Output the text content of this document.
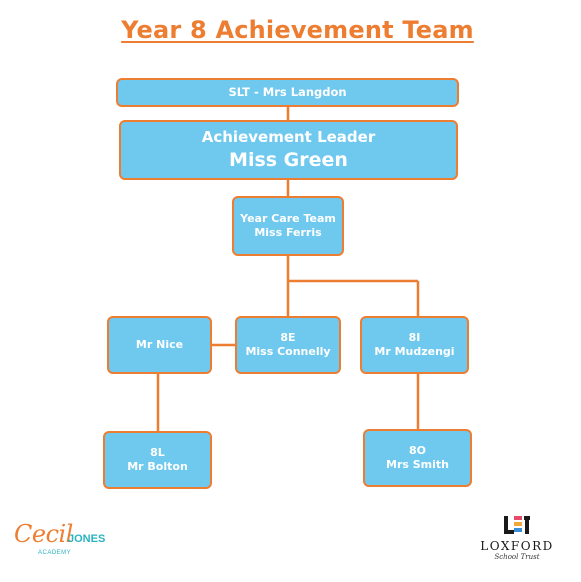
Year 8 Achievement Team
SLT - Mrs Langdon
Achievement Leader
Miss Green
Year Care Team
Miss Ferris
Mr Nice
8E
Miss Connelly
8I
Mr Mudzengi
8L
Mr Bolton
8O
Mrs Smith
Cecil
JONES
ACADEMY	LOXFORD
School Trust
